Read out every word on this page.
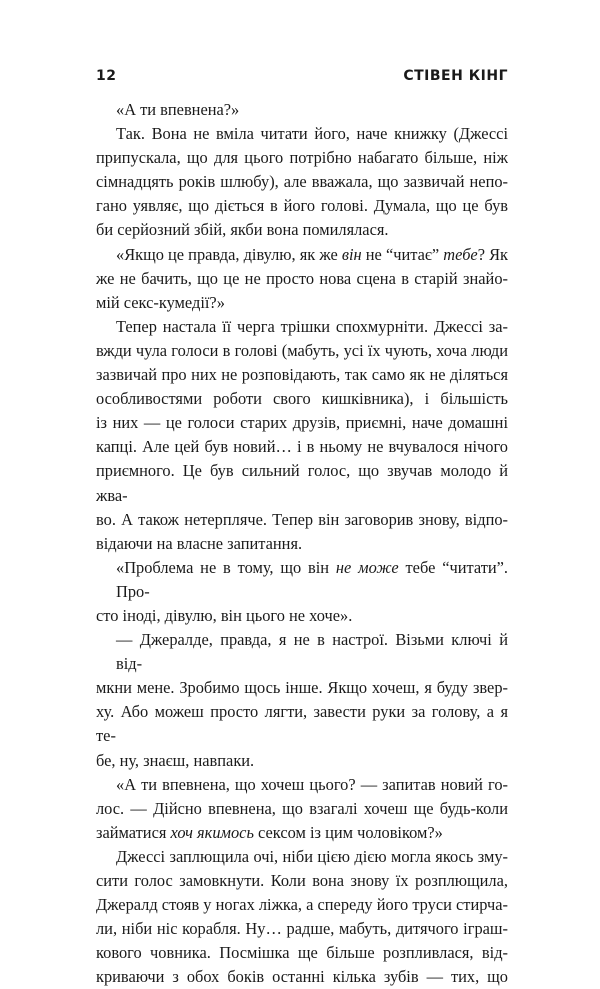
12	СТІВЕН КІНГ

«А ти впевнена?»

Так. Вона не вміла читати його, наче книжку (Джессі
припускала, що для цього потрібно набагато більше, ніж
сімнадцять років шлюбу), але вважала, що зазвичай непо-
гано уявляє, що діється в його голові. Думала, що це був
би серйозний збій, якби вона помилялася.

«Якщо це правда, дівулю, як же він не “читає” тебе? Як
же не бачить, що це не просто нова сцена в старій знайо-
мій секс-кумедії?»

Тепер настала її черга трішки спохмурніти. Джессі за-
вжди чула голоси в голові (мабуть, усі їх чують, хоча люди
зазвичай про них не розповідають, так само як не діляться
особливостями роботи свого кишківника), і більшість
із них — це голоси старих друзів, приємні, наче домашні
капці. Але цей був новий… і в ньому не вчувалося нічого
приємного. Це був сильний голос, що звучав молодо й жва-
во. А також нетерпляче. Тепер він заговорив знову, відпо-
відаючи на власне запитання.

«Проблема не в тому, що він не може тебе “читати”. Про-
сто іноді, дівулю, він цього не хоче».

— Джералде, правда, я не в настрої. Візьми ключі й від-
мкни мене. Зробимо щось інше. Якщо хочеш, я буду звер-
ху. Або можеш просто лягти, завести руки за голову, а я те-
бе, ну, знаєш, навпаки.

«А ти впевнена, що хочеш цього? — запитав новий го-
лос. — Дійсно впевнена, що взагалі хочеш ще будь-коли
займатися хоч якимось сексом із цим чоловіком?»

Джессі заплющила очі, ніби цією дією могла якось зму-
сити голос замовкнути. Коли вона знову їх розплющила,
Джералд стояв у ногах ліжка, а спереду його труси стирча-
ли, ніби ніс корабля. Ну… радше, мабуть, дитячого іграш-
кового човника. Посмішка ще більше розпливлася, від-
криваючи з обох боків останні кілька зубів — тих, що
